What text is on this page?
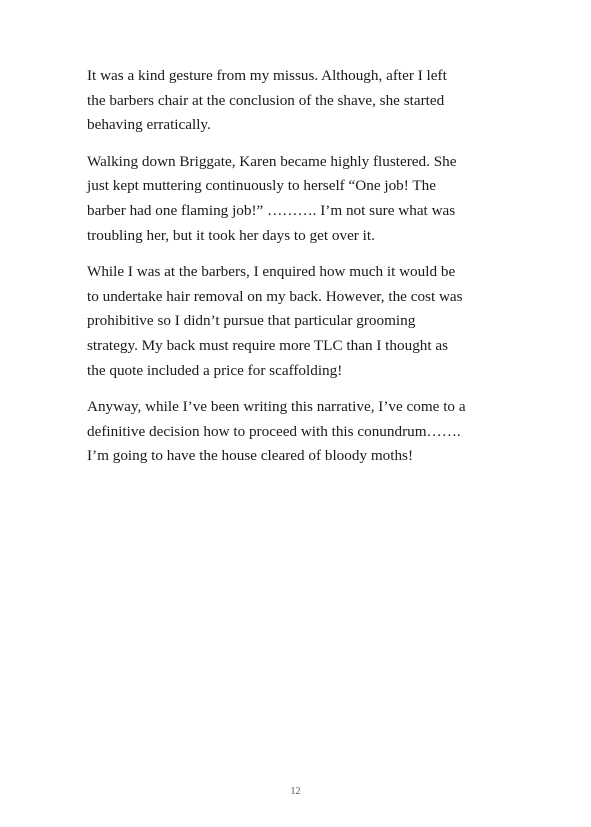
It was a kind gesture from my missus. Although, after I left
the barbers chair at the conclusion of the shave, she started
behaving erratically.

Walking down Briggate, Karen became highly flustered. She
just kept muttering continuously to herself “One job! The
barber had one flaming job!” ………. I’m not sure what was
troubling her, but it took her days to get over it.

While I was at the barbers, I enquired how much it would be
to undertake hair removal on my back. However, the cost was
prohibitive so I didn’t pursue that particular grooming
strategy. My back must require more TLC than I thought as
the quote included a price for scaffolding!

Anyway, while I’ve been writing this narrative, I’ve come to a
definitive decision how to proceed with this conundrum…….
I’m going to have the house cleared of bloody moths!

12
